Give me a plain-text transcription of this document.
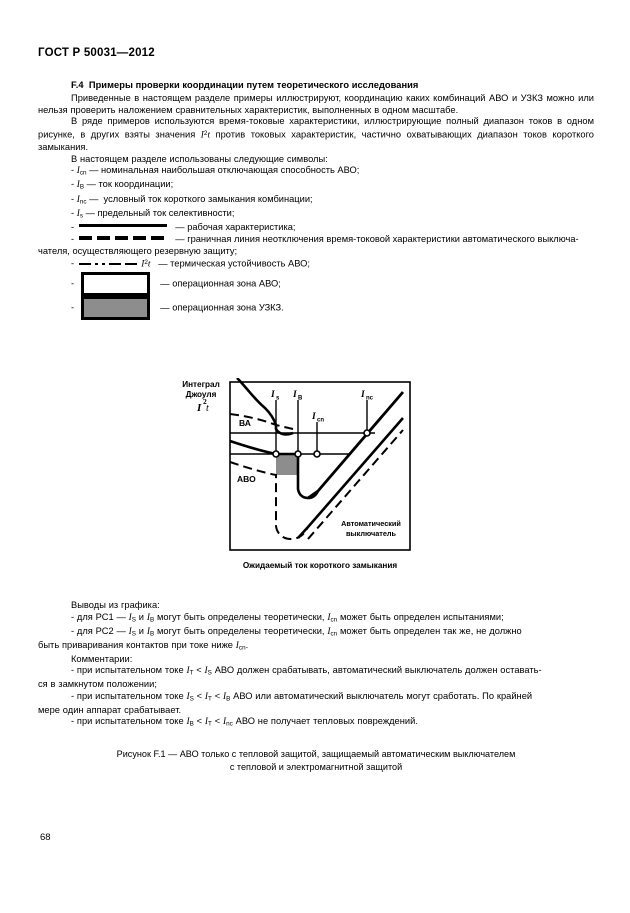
ГОСТ Р 50031—2012
F.4 Примеры проверки координации путем теоретического исследования

Приведенные в настоящем разделе примеры иллюстрируют, координацию каких комбинаций АВО и УЗКЗ можно или нельзя проверить наложением сравнительных характеристик, выполненных в одном масштабе.

В ряде примеров используются время-токовые характеристики, иллюстрирующие полный диапазон токов в одном рисунке, в других взяты значения $I^2t$ против токовых характеристик, частично охватывающих диапазон токов короткого замыкания.

В настоящем разделе использованы следующие символы:

- $I_{cn}$ — номинальная наибольшая отключающая способность АВО;
- $I_B$ — ток координации;
- $I_{nc}$ — условный ток короткого замыкания комбинации;
- $I_s$ — предельный ток селективности;
-	— рабочая характеристика;
-	— граничная линия неотключения время-токовой характеристики автоматического выключа-
чателя, осуществляющего резервную защиту;
-	$I^2t$ — термическая устойчивость АВО;
-	— операционная зона АВО;
-	— операционная зона УЗКЗ.
Интеграл
Джоуля
I
2
t
I s I B
I cn
I nc
ВА
АВО
Автоматический
выключатель
Ожидаемый ток короткого замыкания

Выводы из графика:

- для РС1 — $I_S$ и $I_B$ могут быть определены теоретически, $I_{cn}$ может быть определен испытаниями;

- для РС2 — $I_S$ и $I_B$ могут быть определены теоретически, $I_{cn}$ может быть определен так же, не должно

быть приваривания контактов при токе ниже $I_{cn}$.

Комментарии:

- при испытательном токе $I_T < I_S$ АВО должен срабатывать, автоматический выключатель должен оставать-

ся в замкнутом положении;

- при испытательном токе $I_S < I_T < I_B$ АВО или автоматический выключатель могут сработать. По крайней

мере один аппарат срабатывает.

- при испытательном токе $I_B < I_T < I_{nc}$ АВО не получает тепловых повреждений.

Рисунок F.1 — АВО только с тепловой защитой, защищаемый автоматическим выключателем
с тепловой и электромагнитной защитой
68
